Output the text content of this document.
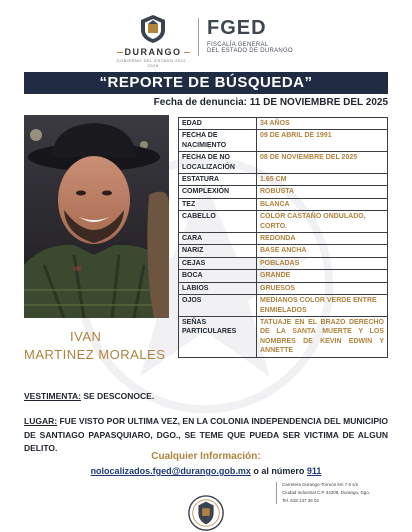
DURANGO
GOBIERNO DEL ESTADO 2022 - 2028
FGED
FISCALÍA GENERAL
DEL ESTADO DE DURANGO
“REPORTE DE BÚSQUEDA”
Fecha de denuncia: 11 DE NOVIEMBRE DEL 2025
lllll
IVAN
MARTINEZ MORALES
EDAD	34 AÑOS
FECHA DE NACIMIENTO	09 DE ABRIL DE 1991
FECHA DE NO LOCALIZACIÓN	08 DE NOVIEMBRE DEL 2025
ESTATURA	1.65 CM
COMPLEXIÓN	ROBUSTA
TEZ	BLANCA
CABELLO	COLOR CASTAÑO ONDULADO, CORTO.
CARA	REDONDA
NARIZ	BASE ANCHA
CEJAS	POBLADAS
BOCA	GRANDE
LABIOS	GRUESOS
OJOS	MEDIANOS COLOR VERDE ENTRE ENMIELADOS
SEÑAS PARTICULARES	TATUAJE EN EL BRAZO DERECHO DE LA SANTA MUERTE Y LOS NOMBRES DE KEVIN EDWIN Y ANNETTE
VESTIMENTA: SE DESCONOCE.
LUGAR: FUE VISTO POR ULTIMA VEZ, EN LA COLONIA INDEPENDENCIA DEL MUNICIPIO DE SANTIAGO PAPASQUIARO, DGO., SE TEME QUE PUEDA SER VICTIMA DE ALGUN DELITO.
Cualquier Información:
nolocalizados.fged@durango.gob.mx o al número 911
Carretera Durango-Torreón km 7.5 s/n
Ciudad Industrial C.P 34208, Durango, Dgo.
Tel. 618 137 35 02
